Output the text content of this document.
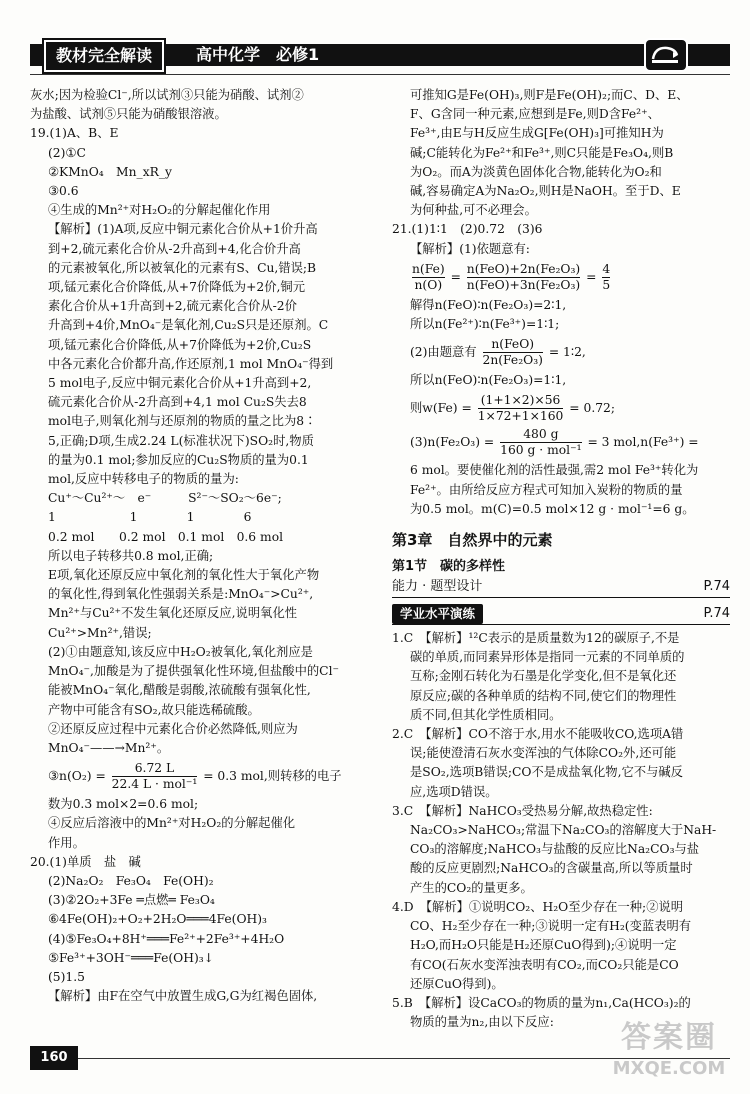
教材完全解读	高中化学　必修1

灰水;因为检验Cl⁻,所以试剂③只能为硝酸、试剂②

为盐酸、试剂⑤只能为硝酸银溶液。

19.(1)A、B、E

(2)①C

②KMnO₄　Mn_xR_y

③0.6

④生成的Mn²⁺对H₂O₂的分解起催化作用

【解析】(1)A项,反应中铜元素化合价从+1价升高

到+2,硫元素化合价从-2升高到+4,化合价升高

的元素被氧化,所以被氧化的元素有S、Cu,错误;B

项,锰元素化合价降低,从+7价降低为+2价,铜元

素化合价从+1升高到+2,硫元素化合价从-2价

升高到+4价,MnO₄⁻是氧化剂,Cu₂S只是还原剂。C

项,锰元素化合价降低,从+7价降低为+2价,Cu₂S

中各元素化合价都升高,作还原剂,1 mol MnO₄⁻得到

5 mol电子,反应中铜元素化合价从+1升高到+2,

硫元素化合价从-2升高到+4,1 mol Cu₂S失去8

mol电子,则氧化剂与还原剂的物质的量之比为8∶

5,正确;D项,生成2.24 L(标准状况下)SO₂时,物质

的量为0.1 mol;参加反应的Cu₂S物质的量为0.1

mol,反应中转移电子的物质的量为:

Cu⁺～Cu²⁺～　e⁻　　　S²⁻～SO₂～6e⁻;

1　　　　　　1　　　　1　　　　6

0.2 mol　　0.2 mol　0.1 mol　0.6 mol

所以电子转移共0.8 mol,正确;

E项,氧化还原反应中氧化剂的氧化性大于氧化产物

的氧化性,得到氧化性强弱关系是:MnO₄⁻>Cu²⁺,

Mn²⁺与Cu²⁺不发生氧化还原反应,说明氧化性

Cu²⁺>Mn²⁺,错误;

(2)①由题意知,该反应中H₂O₂被氧化,氧化剂应是

MnO₄⁻,加酸是为了提供强氧化性环境,但盐酸中的Cl⁻

能被MnO₄⁻氧化,醋酸是弱酸,浓硫酸有强氧化性,

产物中可能含有SO₂,故只能选稀硫酸。

②还原反应过程中元素化合价必然降低,则应为

MnO₄⁻——→Mn²⁺。

③n(O₂) = $\frac{6.72 L}{\text{22.4 L · mol⁻¹}} = 0.3$ mol,则转移的电子

数为0.3 mol×2=0.6 mol;

④反应后溶液中的Mn²⁺对H₂O₂的分解起催化

作用。

20.(1)单质　盐　碱

(2)Na₂O₂　Fe₃O₄　Fe(OH)₂

(3)②2O₂+3Fe ═点燃═ Fe₃O₄

⑥4Fe(OH)₂+O₂+2H₂O═══4Fe(OH)₃

(4)⑤Fe₃O₄+8H⁺═══Fe²⁺+2Fe³⁺+4H₂O

⑤Fe³⁺+3OH⁻═══Fe(OH)₃↓

(5)1.5

【解析】由F在空气中放置生成G,G为红褐色固体,

可推知G是Fe(OH)₃,则F是Fe(OH)₂;而C、D、E、

F、G含同一种元素,应想到是Fe,则D含Fe²⁺、

Fe³⁺,由E与H反应生成G[Fe(OH)₃]可推知H为

碱;C能转化为Fe²⁺和Fe³⁺,则C只能是Fe₃O₄,则B

为O₂。而A为淡黄色固体化合物,能转化为O₂和

碱,容易确定A为Na₂O₂,则H是NaOH。至于D、E

为何种盐,可不必理会。

21.(1)1∶1　(2)0.72　(3)6

【解析】(1)依题意有:

$\frac{n(Fe)}{n(O)} = \frac{\text{n(FeO)+2n(Fe₂O₃)}}{\text{n(FeO)+3n(Fe₂O₃)}} = \frac{4}{5}$

解得n(FeO)∶n(Fe₂O₃)=2∶1,

所以n(Fe²⁺)∶n(Fe³⁺)=1∶1;

(2)由题意有 $\frac{\text{n(FeO)}}{\text{2n(Fe₂O₃)}}$ = 1∶2,

所以n(FeO)∶n(Fe₂O₃)=1∶1,

则$w(Fe) = \frac{(1+1\times 2)\times 56}{1\times 72+1\times 160} = 0.72$;

$(3)n(Fe_2O_3) = \frac{480 g}{\text{160 g · mol⁻¹}} = 3$ mol,n(Fe³⁺) =

6 mol。要使催化剂的活性最强,需2 mol Fe³⁺转化为

Fe²⁺。由所给反应方程式可知加入炭粉的物质的量

为0.5 mol。m(C)=0.5 mol×12 g · mol⁻¹=6 g。

第3章　自然界中的元素

第1节　碳的多样性

能力 · 题型设计	P.74

学业水平演练	P.74

1.C　【解析】¹²C表示的是质量数为12的碳原子,不是

碳的单质,而同素异形体是指同一元素的不同单质的

互称;金刚石转化为石墨是化学变化,但不是氧化还

原反应;碳的各种单质的结构不同,使它们的物理性

质不同,但其化学性质相同。

2.C　【解析】CO不溶于水,用水不能吸收CO,选项A错

误;能使澄清石灰水变浑浊的气体除CO₂外,还可能

是SO₂,选项B错误;CO不是成盐氧化物,它不与碱反

应,选项D错误。

3.C　【解析】NaHCO₃受热易分解,故热稳定性:

Na₂CO₃>NaHCO₃;常温下Na₂CO₃的溶解度大于NaH-

CO₃的溶解度;NaHCO₃与盐酸的反应比Na₂CO₃与盐

酸的反应更剧烈;NaHCO₃的含碳量高,所以等质量时

产生的CO₂的量更多。

4.D　【解析】①说明CO₂、H₂O至少存在一种;②说明

CO、H₂至少存在一种;③说明一定有H₂(变蓝表明有

H₂O,而H₂O只能是H₂还原CuO得到);④说明一定

有CO(石灰水变浑浊表明有CO₂,而CO₂只能是CO

还原CuO得到)。

5.B　【解析】设CaCO₃的物质的量为n₁,Ca(HCO₃)₂的

物质的量为n₂,由以下反应:

160
答案圈
MXQE.COM
